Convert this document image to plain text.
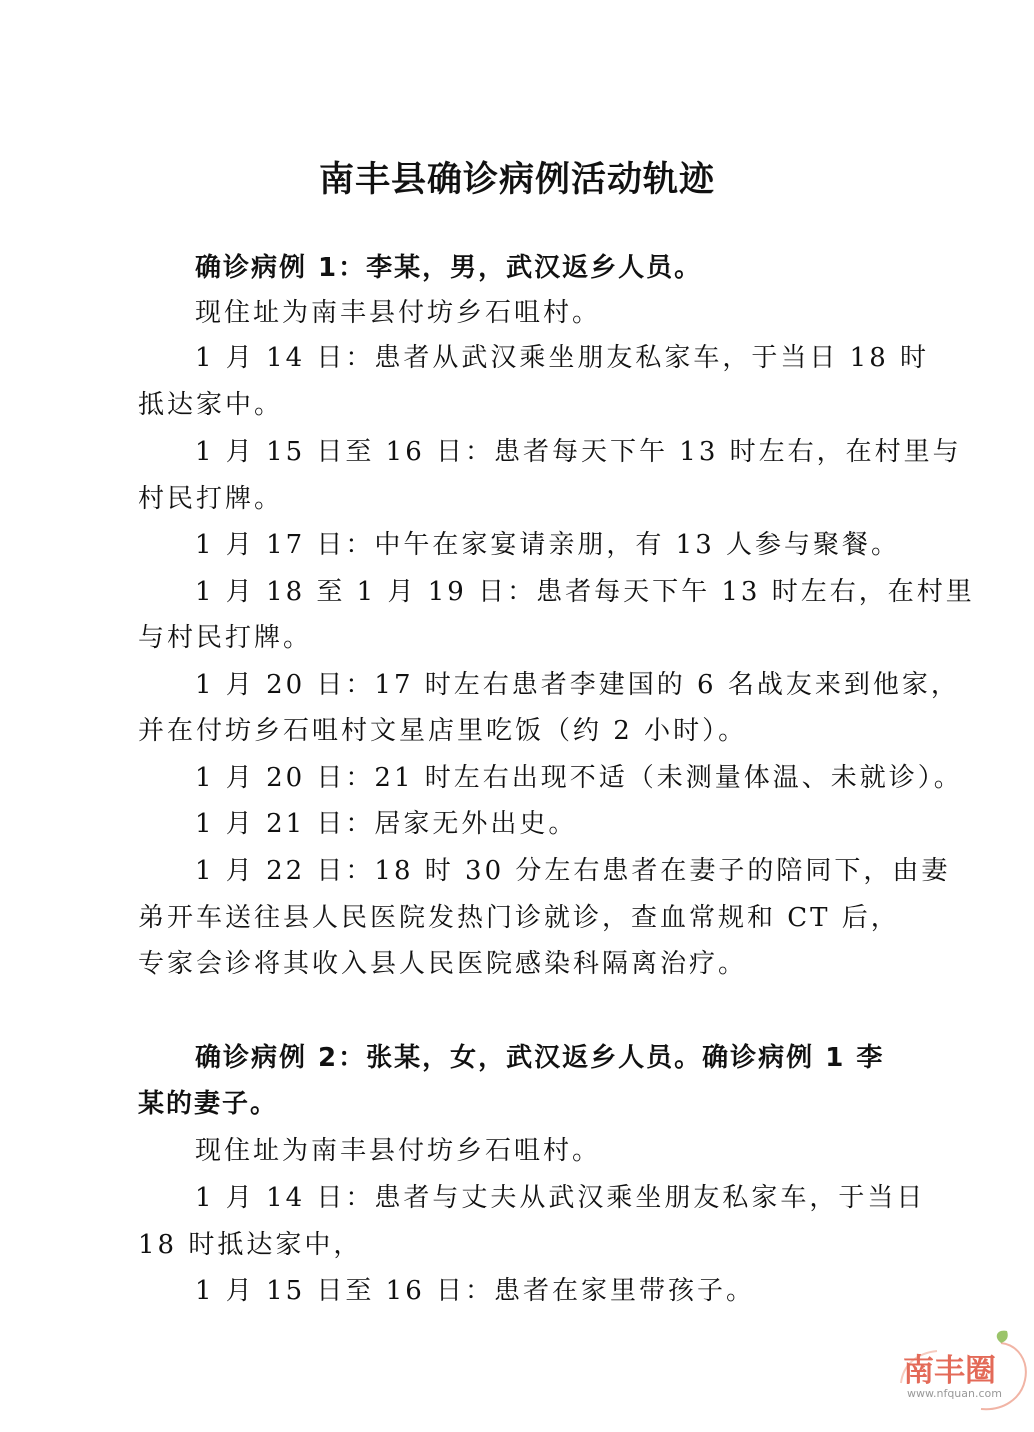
南丰县确诊病例活动轨迹
确诊病例 1：李某，男，武汉返乡人员。
现住址为南丰县付坊乡石咀村。
1 月 14 日：患者从武汉乘坐朋友私家车，于当日 18 时
抵达家中。
1 月 15 日至 16 日：患者每天下午 13 时左右，在村里与
村民打牌。
1 月 17 日：中午在家宴请亲朋，有 13 人参与聚餐。
1 月 18 至 1 月 19 日：患者每天下午 13 时左右，在村里
与村民打牌。
1 月 20 日：17 时左右患者李建国的 6 名战友来到他家，
并在付坊乡石咀村文星店里吃饭（约 2 小时）。
1 月 20 日：21 时左右出现不适（未测量体温、未就诊）。
1 月 21 日：居家无外出史。
1 月 22 日：18 时 30 分左右患者在妻子的陪同下，由妻
弟开车送往县人民医院发热门诊就诊，查血常规和 CT 后，
专家会诊将其收入县人民医院感染科隔离治疗。
确诊病例 2：张某，女，武汉返乡人员。确诊病例 1 李
某的妻子。
现住址为南丰县付坊乡石咀村。
1 月 14 日：患者与丈夫从武汉乘坐朋友私家车，于当日
18 时抵达家中，
1 月 15 日至 16 日：患者在家里带孩子。
南丰圈
www.nfquan.com
